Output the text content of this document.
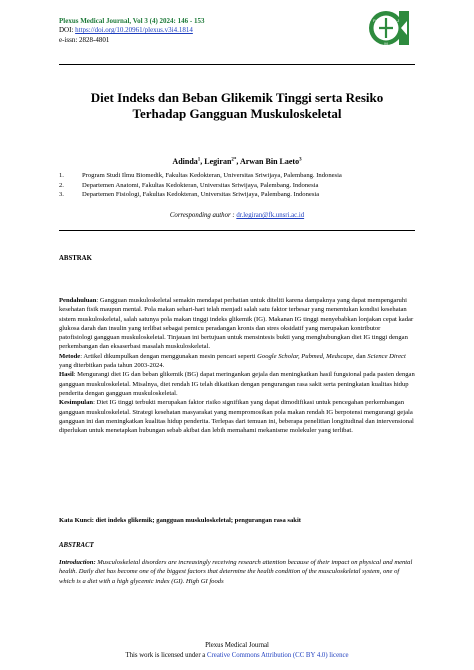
Plexus Medical Journal, Vol 3 (4) 2024: 146 - 153
DOI: https://doi.org/10.20961/plexus.v3i4.1814
e-issn: 2828-4801
P
M
J
Diet Indeks dan Beban Glikemik Tinggi serta Resiko
Terhadap Gangguan Muskuloskeletal
Adinda$^1$, Legiran$^{2*}$, Arwan Bin Laeto$^3$
1.	Program Studi Ilmu Biomedik, Fakultas Kedokteran, Universitas Sriwijaya, Palembang. Indonesia
2.	Departemen Anatomi, Fakultas Kedokteran, Universitas Sriwijaya, Palembang. Indonesia
3.	Departemen Fisiologi, Fakultas Kedokteran, Universitas Sriwijaya, Palembang. Indonesia
Corresponding author : dr.legiran@fk.unsri.ac.id
ABSTRAK

Pendahuluan: Gangguan muskuloskeletal semakin mendapat perhatian untuk diteliti karena dampaknya yang dapat mempengaruhi kesehatan fisik maupun mental. Pola makan sehari-hari telah menjadi salah satu faktor terbesar yang menentukan kondisi kesehatan sistem muskuloskeletal, salah satunya pola makan tinggi indeks glikemik (IG). Makanan IG tinggi menyebabkan lonjakan cepat kadar glukosa darah dan insulin yang terlibat sebagai pemicu peradangan kronis dan stres oksidatif yang merupakan kontributor patofisiologi gangguan muskuloskeletal. Tinjauan ini bertujuan untuk mensintesis bukti yang menghubungkan diet IG tinggi dengan perkembangan dan eksaserbasi masalah muskuloskeletal.

Metode: Artikel dikumpulkan dengan menggunakan mesin pencari seperti Google Scholar, Pubmed, Medscape, dan Science Direct yang diterbitkan pada tahun 2003-2024.

Hasil: Mengurangi diet IG dan beban glikemik (BG) dapat meringankan gejala dan meningkatkan hasil fungsional pada pasien dengan gangguan muskuloskeletal. Misalnya, diet rendah IG telah dikaitkan dengan pengurangan rasa sakit serta peningkatan kualitas hidup penderita dengan gangguan muskuloskeletal.

Kesimpulan: Diet IG tinggi terbukti merupakan faktor risiko signifikan yang dapat dimodifikasi untuk pencegahan perkembangan gangguan muskuloskeletal. Strategi kesehatan masyarakat yang mempromosikan pola makan rendah IG berpotensi mengurangi gejala gangguan ini dan meningkatkan kualitas hidup penderita. Terlepas dari temuan ini, beberapa penelitian longitudinal dan intervensional diperlukan untuk menetapkan hubungan sebab akibat dan lebih memahami mekanisme molekuler yang terlibat.

Kata Kunci: diet indeks glikemik; gangguan muskuloskeletal; pengurangan rasa sakit
ABSTRACT
Introduction: Musculoskeletal disorders are increasingly receiving research attention because of their impact on physical and mental health. Daily diet has become one of the biggest factors that determine the health condition of the musculoskeletal system, one of which is a diet with a high glycemic index (GI). High GI foods
Plexus Medical Journal
This work is licensed under a Creative Commons Attribution (CC BY 4.0) licence
